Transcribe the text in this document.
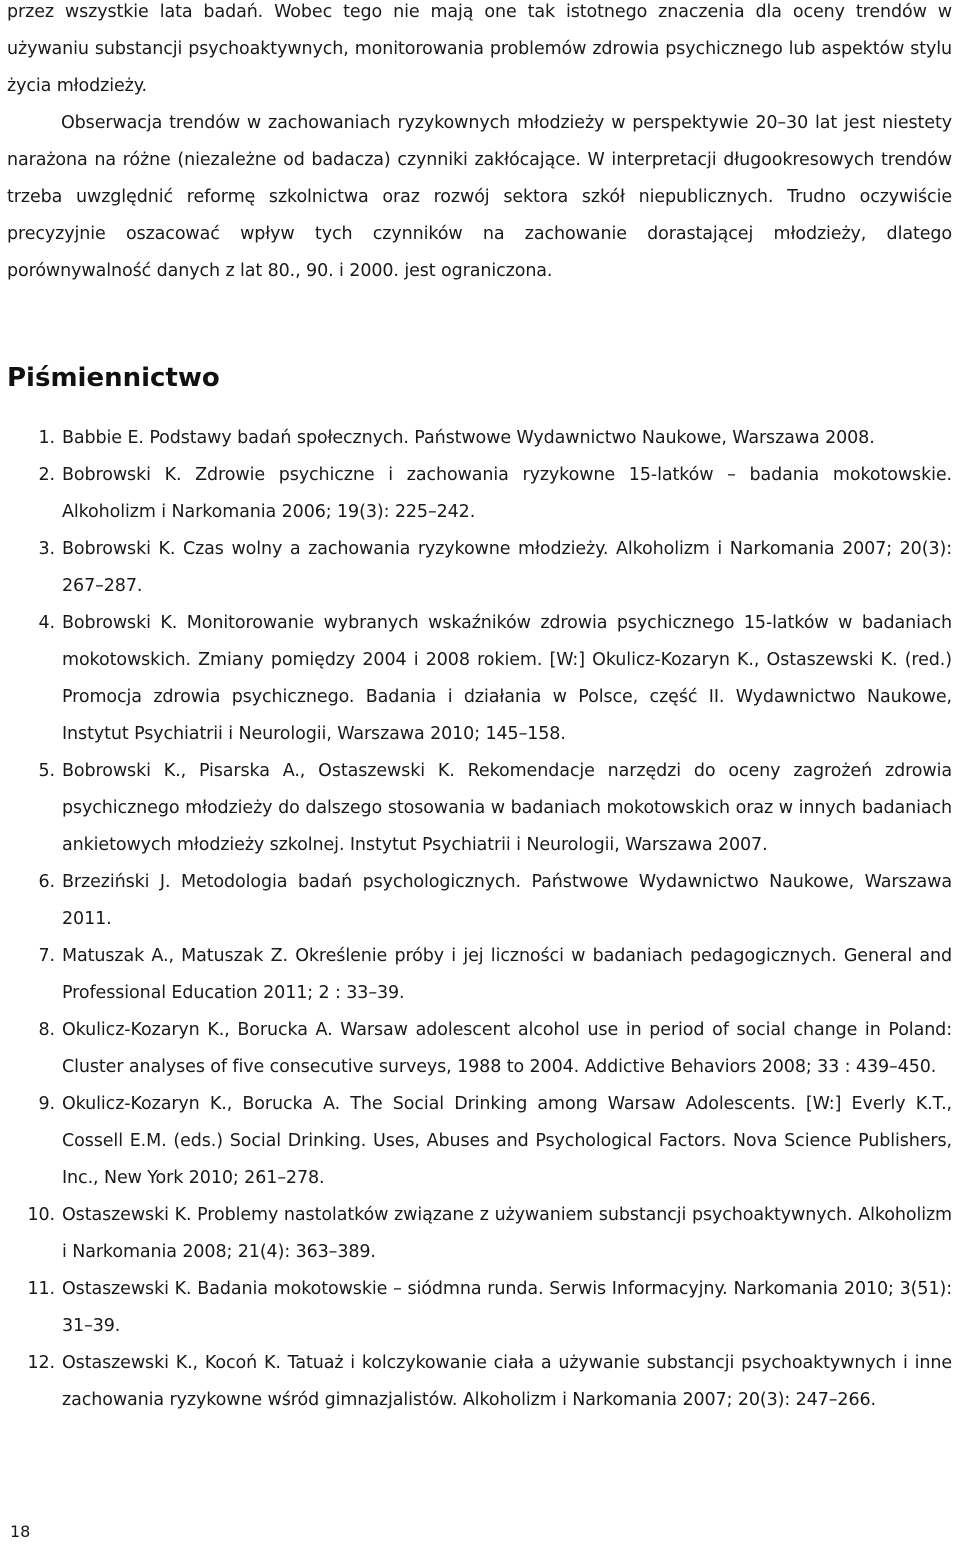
przez wszystkie lata badań. Wobec tego nie mają one tak istotnego znaczenia dla oceny trendów w używaniu substancji psychoaktywnych, monitorowania problemów zdrowia psychicznego lub aspektów stylu życia młodzieży.

Obserwacja trendów w zachowaniach ryzykownych młodzieży w perspektywie 20–30 lat jest niestety narażona na różne (niezależne od badacza) czynniki zakłócające. W interpretacji długookresowych trendów trzeba uwzględnić reformę szkolnictwa oraz rozwój sektora szkół niepublicznych. Trudno oczywiście precyzyjnie oszacować wpływ tych czynników na zachowanie dorastającej młodzieży, dlatego porównywalność danych z lat 80., 90. i 2000. jest ograniczona.

Piśmiennictwo
1. Babbie E. Podstawy badań społecznych. Państwowe Wydawnictwo Naukowe, Warszawa 2008.
2. Bobrowski K. Zdrowie psychiczne i zachowania ryzykowne 15-latków – badania mokotowskie. Alkoholizm i Narkomania 2006; 19(3): 225–242.
3. Bobrowski K. Czas wolny a zachowania ryzykowne młodzieży. Alkoholizm i Narkomania 2007; 20(3): 267–287.
4. Bobrowski K. Monitorowanie wybranych wskaźników zdrowia psychicznego 15-latków w badaniach mokotowskich. Zmiany pomiędzy 2004 i 2008 rokiem. [W:] Okulicz-Kozaryn K., Ostaszewski K. (red.) Promocja zdrowia psychicznego. Badania i działania w Polsce, część II. Wydawnictwo Naukowe, Instytut Psychiatrii i Neurologii, Warszawa 2010; 145–158.
5. Bobrowski K., Pisarska A., Ostaszewski K. Rekomendacje narzędzi do oceny zagrożeń zdrowia psychicznego młodzieży do dalszego stosowania w badaniach mokotowskich oraz w innych badaniach ankietowych młodzieży szkolnej. Instytut Psychiatrii i Neurologii, Warszawa 2007.
6. Brzeziński J. Metodologia badań psychologicznych. Państwowe Wydawnictwo Naukowe, Warszawa 2011.
7. Matuszak A., Matuszak Z. Określenie próby i jej liczności w badaniach pedagogicznych. General and Professional Education 2011; 2 : 33–39.
8. Okulicz-Kozaryn K., Borucka A. Warsaw adolescent alcohol use in period of social change in Poland: Cluster analyses of five consecutive surveys, 1988 to 2004. Addictive Behaviors 2008; 33 : 439–450.
9. Okulicz-Kozaryn K., Borucka A. The Social Drinking among Warsaw Adolescents. [W:] Everly K.T., Cossell E.M. (eds.) Social Drinking. Uses, Abuses and Psychological Factors. Nova Science Publishers, Inc., New York 2010; 261–278.
10. Ostaszewski K. Problemy nastolatków związane z używaniem substancji psychoaktywnych. Alkoholizm i Narkomania 2008; 21(4): 363–389.
11. Ostaszewski K. Badania mokotowskie – siódmna runda. Serwis Informacyjny. Narkomania 2010; 3(51): 31–39.
12. Ostaszewski K., Kocoń K. Tatuaż i kolczykowanie ciała a używanie substancji psychoaktywnych i inne zachowania ryzykowne wśród gimnazjalistów. Alkoholizm i Narkomania 2007; 20(3): 247–266.
18
